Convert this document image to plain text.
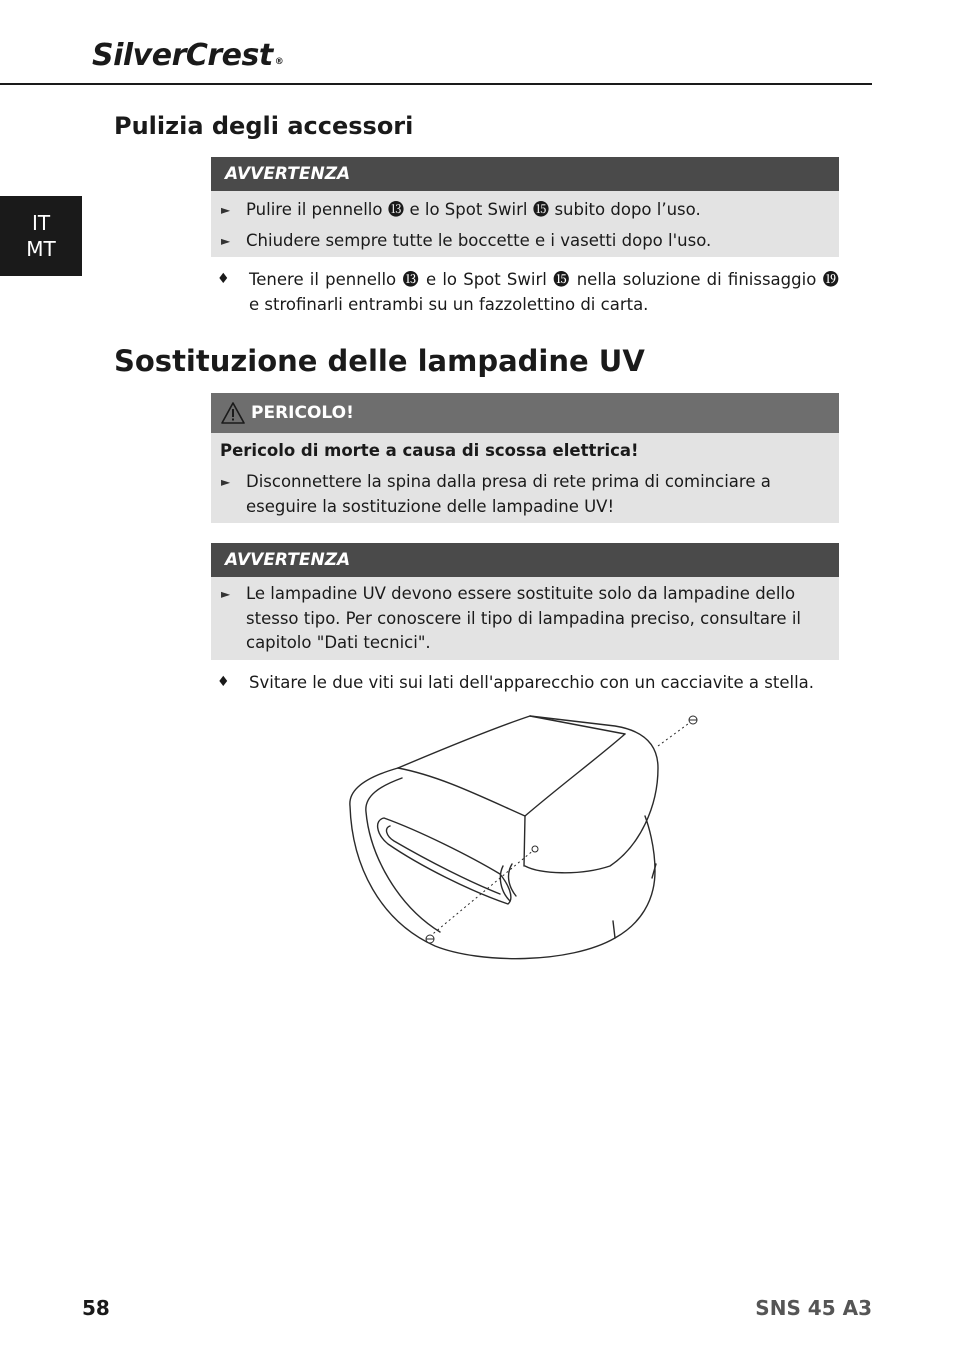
SilverCrest ®
IT
MT
Pulizia degli accessori
AVVERTENZA
► Pulire il pennello ⓭ e lo Spot Swirl ⓯ subito dopo l’uso.
► Chiudere sempre tutte le boccette e i vasetti dopo l'uso.
♦ Tenere il pennello ⓭ e lo Spot Swirl ⓯ nella soluzione di finissaggio ⓳ e strofinarli entrambi su un fazzolettino di carta.
Sostituzione delle lampadine UV
PERICOLO!
Pericolo di morte a causa di scossa elettrica!
► Disconnettere la spina dalla presa di rete prima di cominciare a eseguire la sostituzione delle lampadine UV!
AVVERTENZA
► Le lampadine UV devono essere sostituite solo da lampadine dello stesso tipo. Per conoscere il tipo di lampadina preciso, consultare il capitolo "Dati tecnici".
♦ Svitare le due viti sui lati dell'apparecchio con un cacciavite a stella.
58	SNS 45 A3
